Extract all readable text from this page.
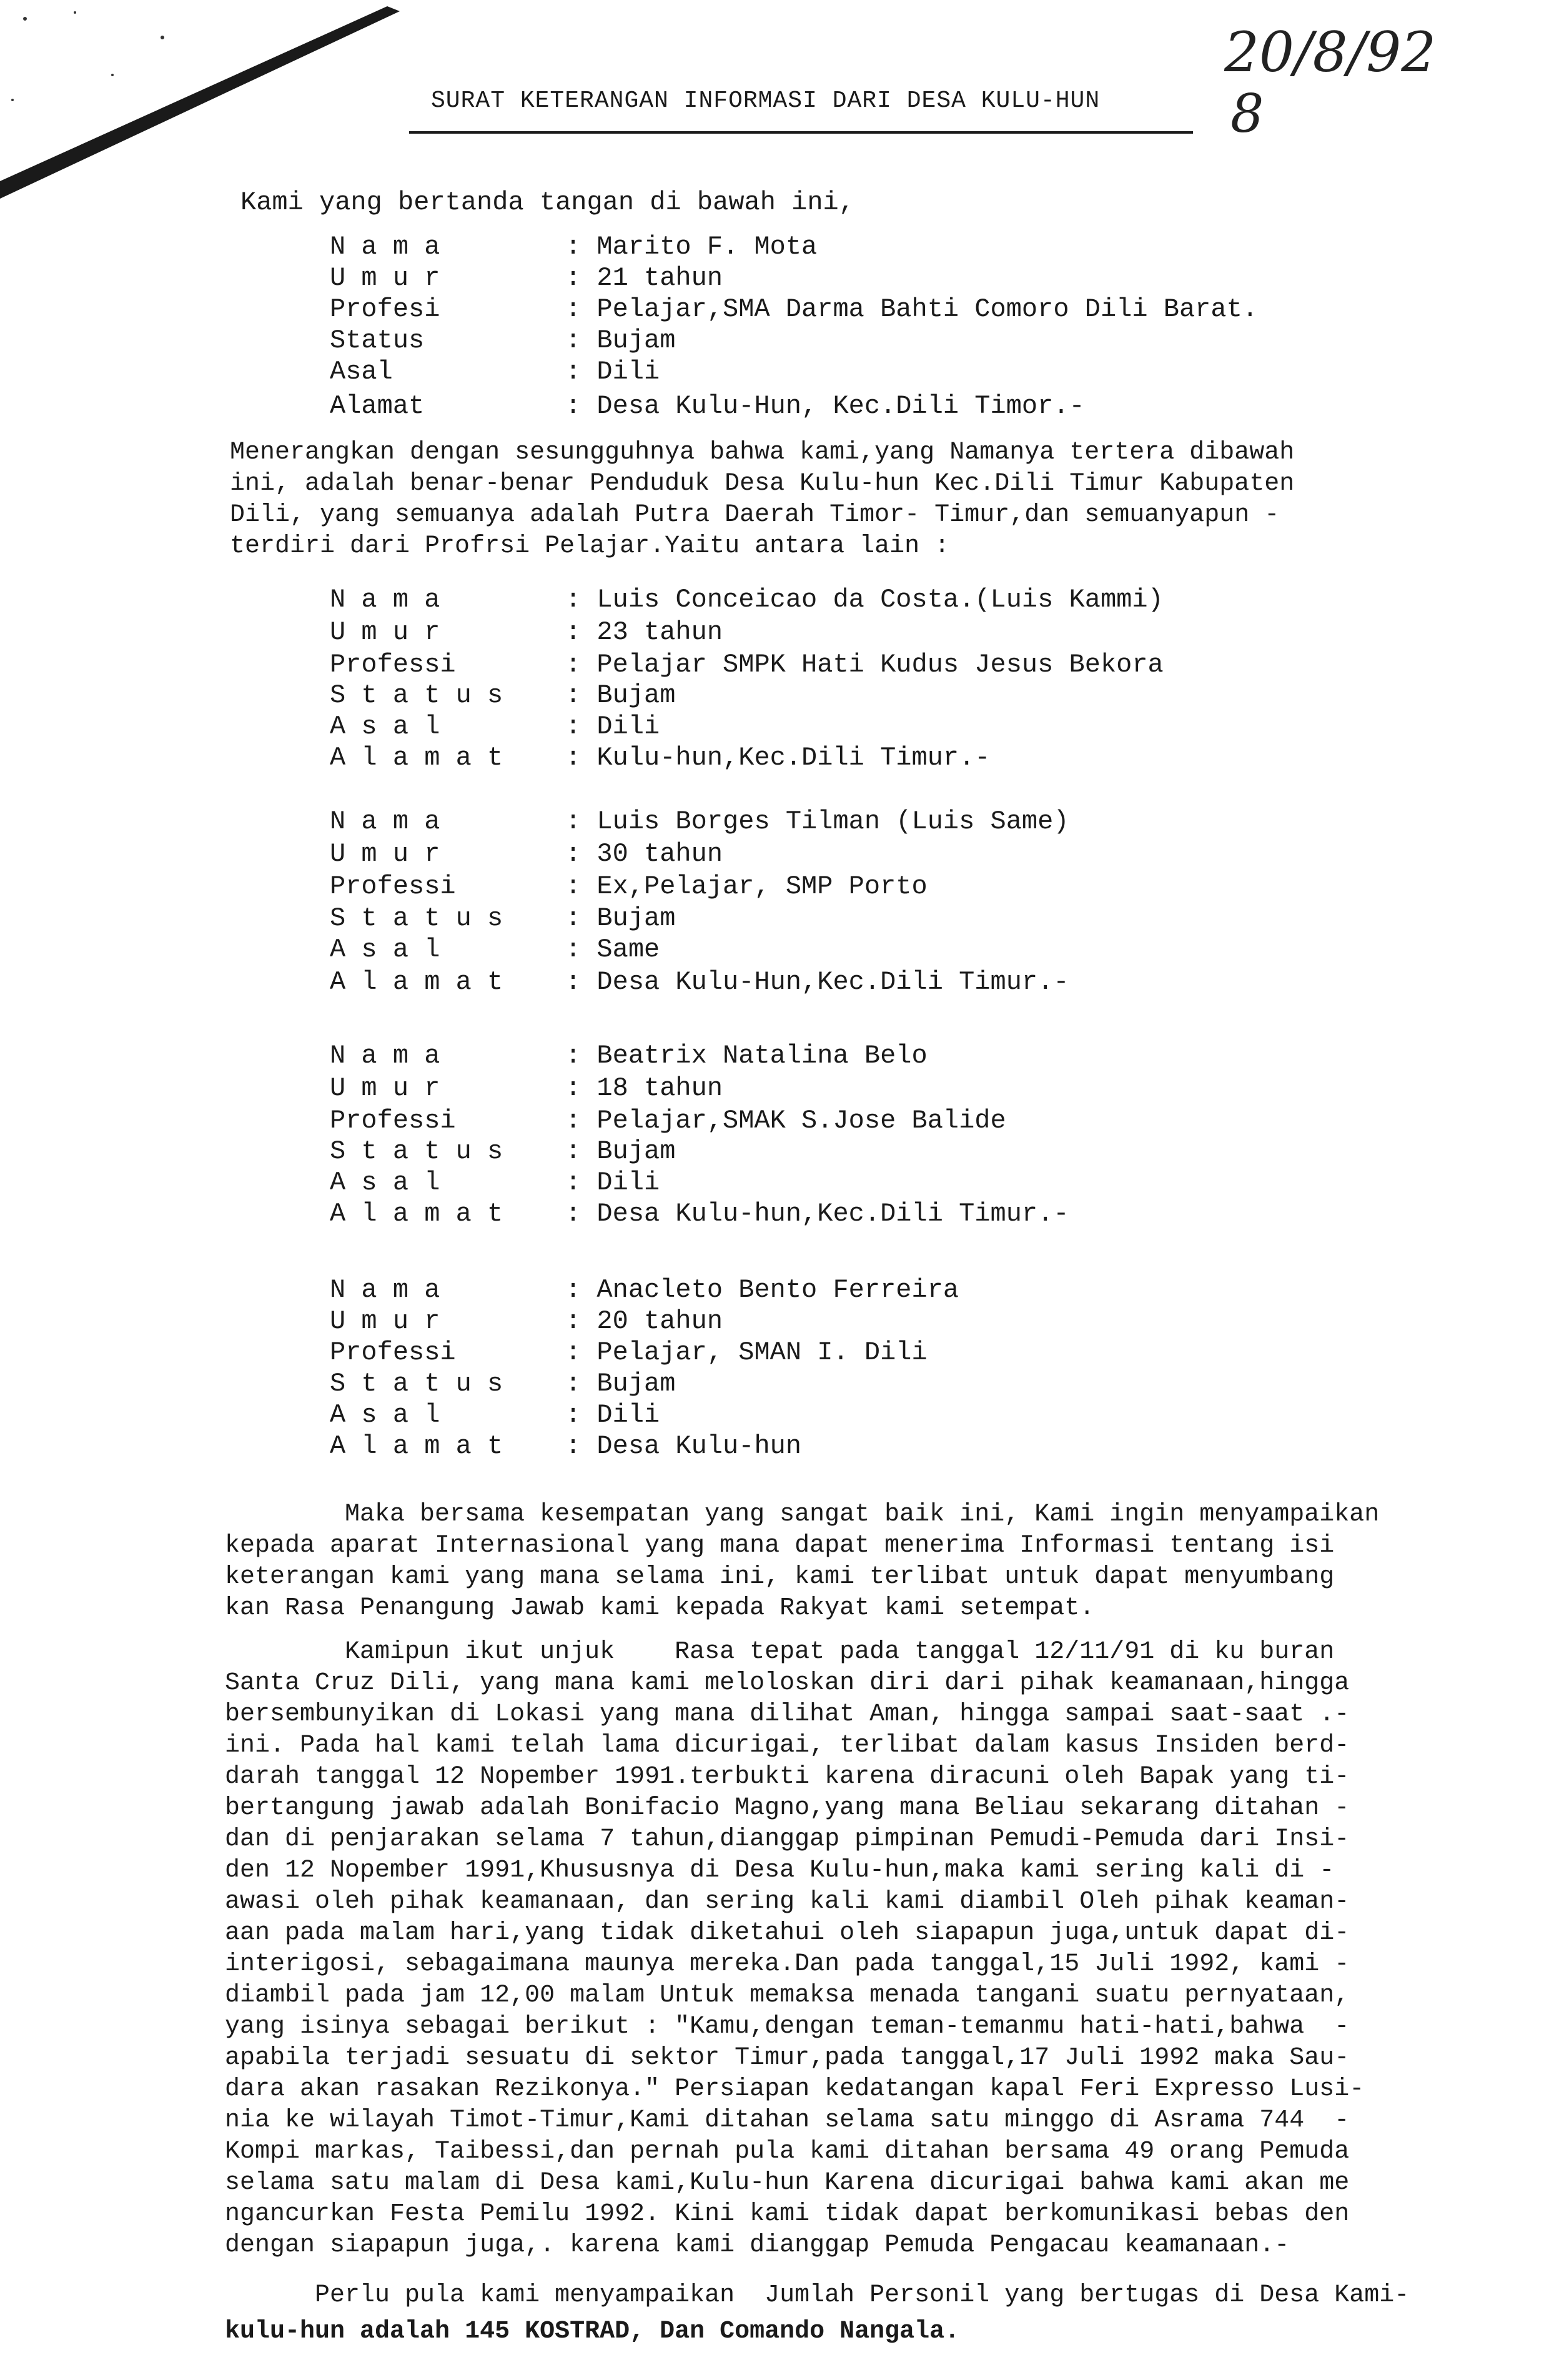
20/8/92
8
SURAT KETERANGAN INFORMASI DARI DESA KULU-HUN
Kami yang bertanda tangan di bawah ini,
N a m a	: Marito F. Mota
U m u r	: 21 tahun
Profesi	: Pelajar,SMA Darma Bahti Comoro Dili Barat.
Status	: Bujam
Asal	: Dili
Alamat	: Desa Kulu-Hun, Kec.Dili Timor.-
Menerangkan dengan sesungguhnya bahwa kami,yang Namanya tertera dibawah
ini, adalah benar-benar Penduduk Desa Kulu-hun Kec.Dili Timur Kabupaten
Dili, yang semuanya adalah Putra Daerah Timor- Timur,dan semuanyapun -
terdiri dari Profrsi Pelajar.Yaitu antara lain :
N a m a	: Luis Conceicao da Costa.(Luis Kammi)
U m u r	: 23 tahun
Professi	: Pelajar SMPK Hati Kudus Jesus Bekora
S t a t u s : Bujam
A s a l	: Dili
A l a m a t : Kulu-hun,Kec.Dili Timur.-
N a m a	: Luis Borges Tilman (Luis Same)
U m u r	: 30 tahun
Professi	: Ex,Pelajar, SMP Porto
S t a t u s : Bujam
A s a l	: Same
A l a m a t : Desa Kulu-Hun,Kec.Dili Timur.-
N a m a	: Beatrix Natalina Belo
U m u r	: 18 tahun
Professi	: Pelajar,SMAK S.Jose Balide
S t a t u s : Bujam
A s a l	: Dili
A l a m a t : Desa Kulu-hun,Kec.Dili Timur.-
N a m a	: Anacleto Bento Ferreira
U m u r	: 20 tahun
Professi	: Pelajar, SMAN I. Dili
S t a t u s : Bujam
A s a l	: Dili
A l a m a t : Desa Kulu-hun
Maka bersama kesempatan yang sangat baik ini, Kami ingin menyampaikan
kepada aparat Internasional yang mana dapat menerima Informasi tentang isi
keterangan kami yang mana selama ini, kami terlibat untuk dapat menyumbang
kan Rasa Penangung Jawab kami kepada Rakyat kami setempat.
Kamipun ikut unjuk    Rasa tepat pada tanggal 12/11/91 di ku buran
Santa Cruz Dili, yang mana kami meloloskan diri dari pihak keamanaan,hingga
bersembunyikan di Lokasi yang mana dilihat Aman, hingga sampai saat-saat .-
ini. Pada hal kami telah lama dicurigai, terlibat dalam kasus Insiden berd-
darah tanggal 12 Nopember 1991.terbukti karena diracuni oleh Bapak yang ti-
bertangung jawab adalah Bonifacio Magno,yang mana Beliau sekarang ditahan -
dan di penjarakan selama 7 tahun,dianggap pimpinan Pemudi-Pemuda dari Insi-
den 12 Nopember 1991,Khususnya di Desa Kulu-hun,maka kami sering kali di -
awasi oleh pihak keamanaan, dan sering kali kami diambil Oleh pihak keaman-
aan pada malam hari,yang tidak diketahui oleh siapapun juga,untuk dapat di-
interigosi, sebagaimana maunya mereka.Dan pada tanggal,15 Juli 1992, kami -
diambil pada jam 12,00 malam Untuk memaksa menada tangani suatu pernyataan,
yang isinya sebagai berikut : "Kamu,dengan teman-temanmu hati-hati,bahwa  -
apabila terjadi sesuatu di sektor Timur,pada tanggal,17 Juli 1992 maka Sau-
dara akan rasakan Rezikonya." Persiapan kedatangan kapal Feri Expresso Lusi-
nia ke wilayah Timot-Timur,Kami ditahan selama satu minggo di Asrama 744  -
Kompi markas, Taibessi,dan pernah pula kami ditahan bersama 49 orang Pemuda
selama satu malam di Desa kami,Kulu-hun Karena dicurigai bahwa kami akan me
ngancurkan Festa Pemilu 1992. Kini kami tidak dapat berkomunikasi bebas den
dengan siapapun juga,. karena kami dianggap Pemuda Pengacau keamanaan.-
Perlu pula kami menyampaikan  Jumlah Personil yang bertugas di Desa Kami-
kulu-hun adalah 145 KOSTRAD, Dan Comando Nangala.
